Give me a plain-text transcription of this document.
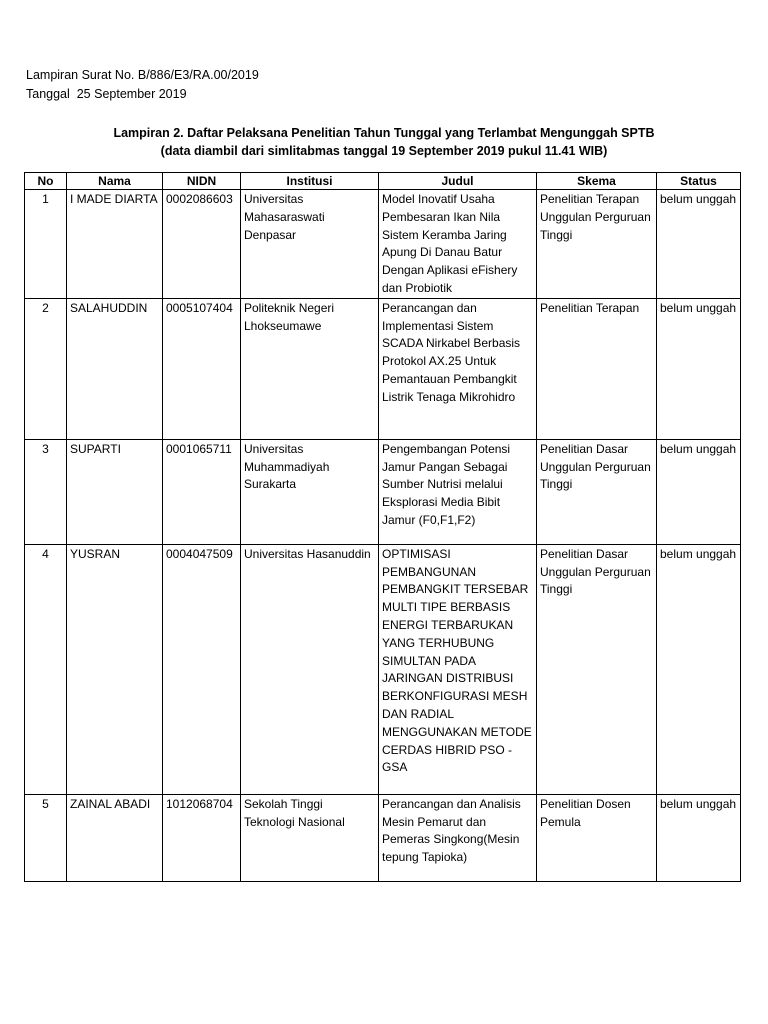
Lampiran Surat No. B/886/E3/RA.00/2019
Tanggal  25 September 2019
Lampiran 2. Daftar Pelaksana Penelitian Tahun Tunggal yang Terlambat Mengunggah SPTB
(data diambil dari simlitabmas tanggal 19 September 2019 pukul 11.41 WIB)
No	Nama	NIDN	Institusi	Judul	Skema	Status
1	I MADE DIARTA	0002086603	Universitas Mahasaraswati Denpasar	Model Inovatif Usaha Pembesaran Ikan Nila Sistem Keramba Jaring Apung Di Danau Batur Dengan Aplikasi eFishery dan Probiotik	Penelitian Terapan Unggulan Perguruan Tinggi	belum unggah
2	SALAHUDDIN	0005107404	Politeknik Negeri Lhokseumawe	Perancangan dan Implementasi Sistem SCADA Nirkabel Berbasis Protokol AX.25 Untuk Pemantauan Pembangkit Listrik Tenaga Mikrohidro	Penelitian Terapan	belum unggah
3	SUPARTI	0001065711	Universitas Muhammadiyah Surakarta	Pengembangan Potensi Jamur Pangan Sebagai Sumber Nutrisi melalui Eksplorasi Media Bibit Jamur (F0,F1,F2)	Penelitian Dasar Unggulan Perguruan Tinggi	belum unggah
4	YUSRAN	0004047509	Universitas Hasanuddin	OPTIMISASI PEMBANGUNAN PEMBANGKIT TERSEBAR MULTI TIPE BERBASIS ENERGI TERBARUKAN YANG TERHUBUNG SIMULTAN PADA JARINGAN DISTRIBUSI BERKONFIGURASI MESH DAN RADIAL MENGGUNAKAN METODE CERDAS HIBRID PSO - GSA	Penelitian Dasar Unggulan Perguruan Tinggi	belum unggah
5	ZAINAL ABADI	1012068704	Sekolah Tinggi Teknologi Nasional	Perancangan dan Analisis Mesin Pemarut dan Pemeras Singkong(Mesin tepung Tapioka)	Penelitian Dosen Pemula	belum unggah
